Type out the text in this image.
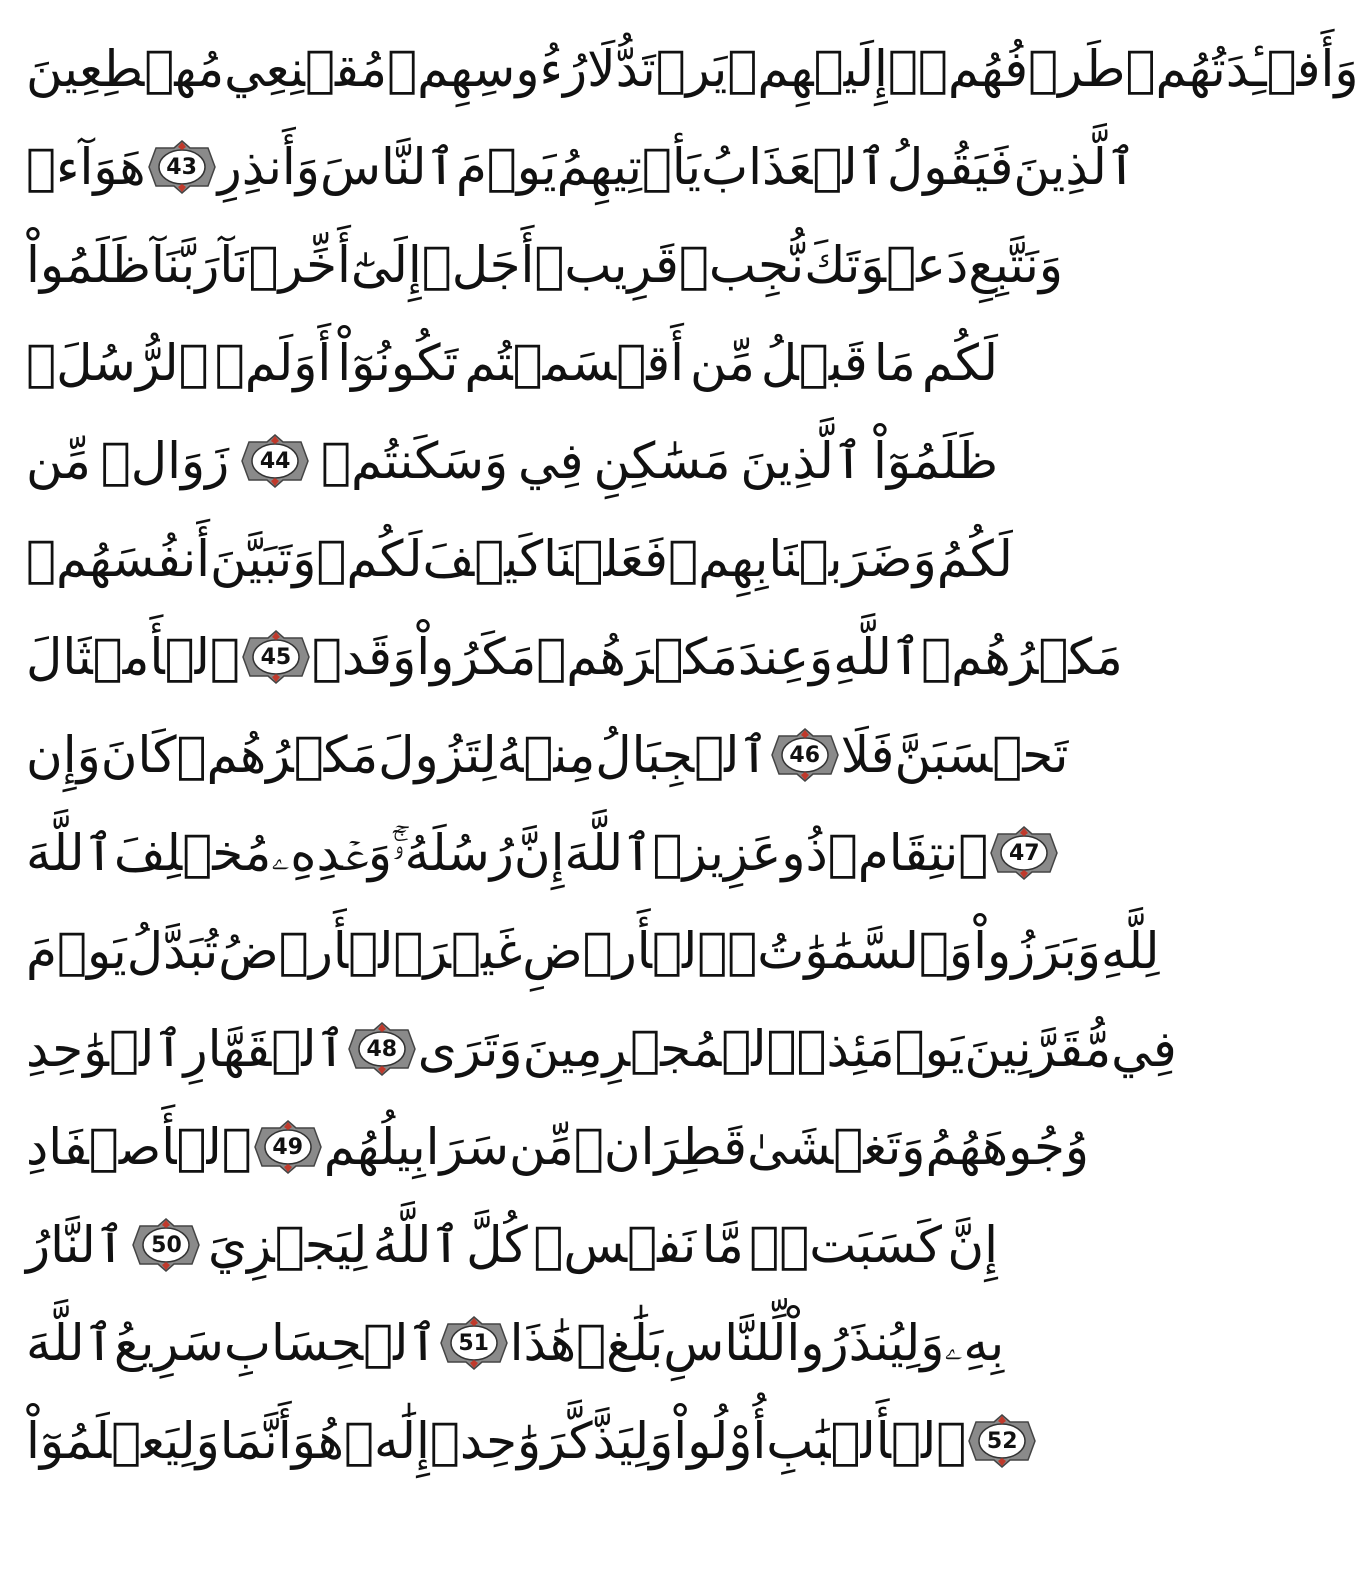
مُهۡطِعِينَ مُقۡنِعِي رُءُوسِهِمۡ لَا يَرۡتَدُّ إِلَيۡهِمۡ طَرۡفُهُمۡۖ وَأَفۡـِٔدَتُهُمۡ
هَوَآءٞ 43 وَأَنذِرِ ٱلنَّاسَ يَوۡمَ يَأۡتِيهِمُ ٱلۡعَذَابُ فَيَقُولُ ٱلَّذِينَ
ظَلَمُواْ رَبَّنَآ أَخِّرۡنَآ إِلَىٰٓ أَجَلٖ قَرِيبٖ نُّجِبۡ دَعۡوَتَكَ وَنَتَّبِعِ
ٱلرُّسُلَۗ أَوَلَمۡ تَكُونُوٓاْ أَقۡسَمۡتُم مِّن قَبۡلُ مَا لَكُم
مِّن زَوَالٖ 44 وَسَكَنتُمۡ فِي مَسَٰكِنِ ٱلَّذِينَ ظَلَمُوٓاْ
أَنفُسَهُمۡ وَتَبَيَّنَ لَكُمۡ كَيۡفَ فَعَلۡنَا بِهِمۡ وَضَرَبۡنَا لَكُمُ
ٱلۡأَمۡثَالَ 45 وَقَدۡ مَكَرُواْ مَكۡرَهُمۡ وَعِندَ ٱللَّهِ مَكۡرُهُمۡ
وَإِن كَانَ مَكۡرُهُمۡ لِتَزُولَ مِنۡهُ ٱلۡجِبَالُ 46 فَلَا تَحۡسَبَنَّ
ٱللَّهَ مُخۡلِفَ وَعۡدِهِۦ رُسُلَهُۥٓۚ إِنَّ ٱللَّهَ عَزِيزٞ ذُو ٱنتِقَامٖ 47
يَوۡمَ تُبَدَّلُ ٱلۡأَرۡضُ غَيۡرَ ٱلۡأَرۡضِ وَٱلسَّمَٰوَٰتُۖ وَبَرَزُواْ لِلَّهِ
ٱلۡوَٰحِدِ ٱلۡقَهَّارِ 48 وَتَرَى ٱلۡمُجۡرِمِينَ يَوۡمَئِذٖ مُّقَرَّنِينَ فِي
ٱلۡأَصۡفَادِ 49 سَرَابِيلُهُم مِّن قَطِرَانٖ وَتَغۡشَىٰ وُجُوهَهُمُ
ٱلنَّارُ 50 لِيَجۡزِيَ ٱللَّهُ كُلَّ نَفۡسٖ مَّا كَسَبَتۡۚ إِنَّ
ٱللَّهَ سَرِيعُ ٱلۡحِسَابِ 51 هَٰذَا بَلَٰغٞ لِّلنَّاسِ وَلِيُنذَرُواْ بِهِۦ
وَلِيَعۡلَمُوٓاْ أَنَّمَا هُوَ إِلَٰهٞ وَٰحِدٞ وَلِيَذَّكَّرَ أُوْلُواْ ٱلۡأَلۡبَٰبِ 52
